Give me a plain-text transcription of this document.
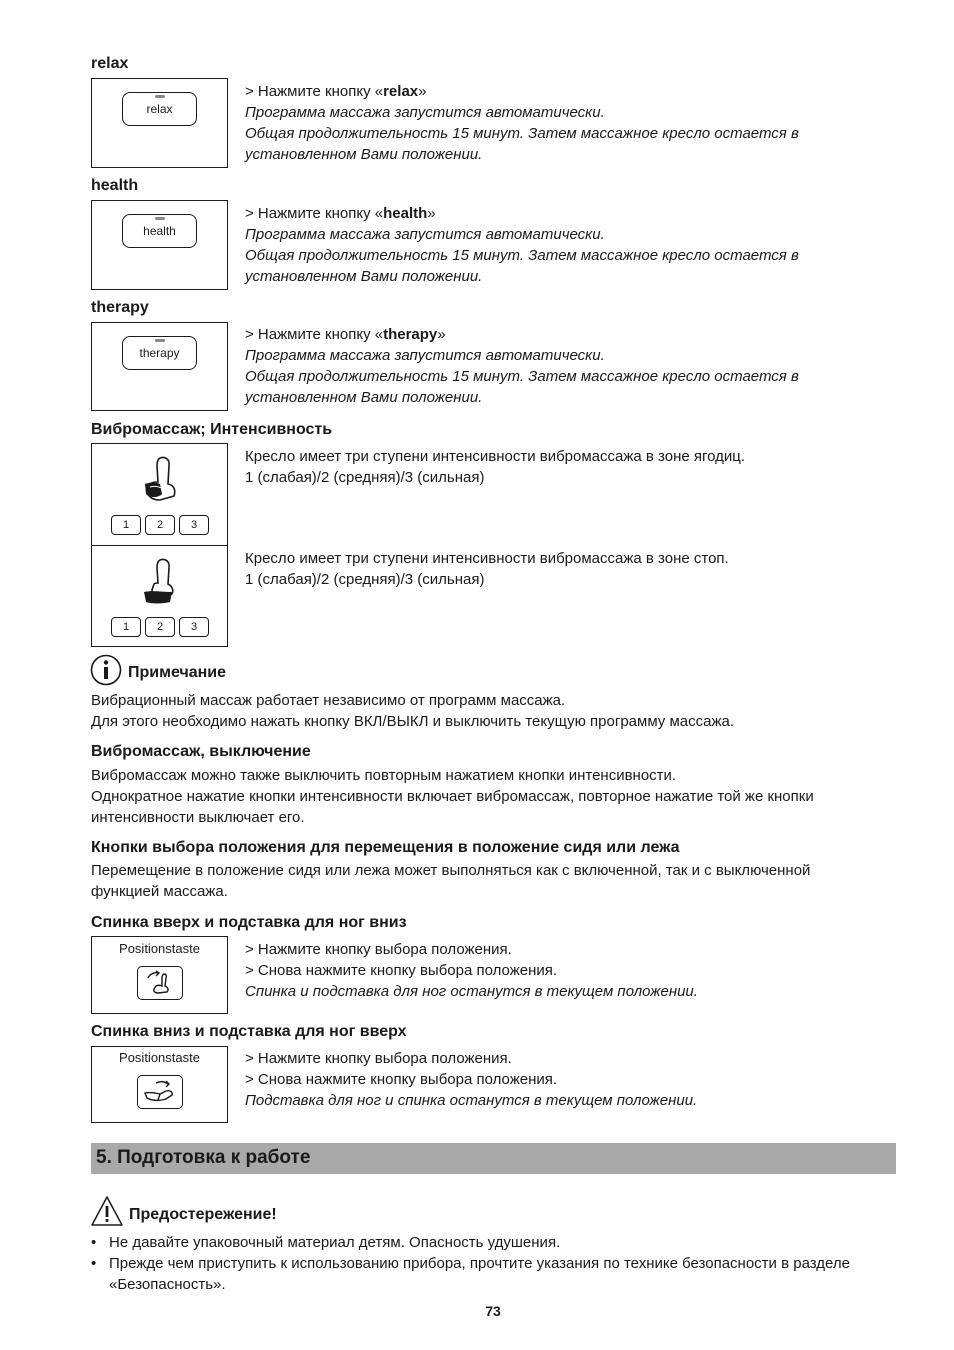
relax
relax
> Нажмите кнопку «relax»
Программа массажа запустится автоматически.
Общая продолжительность 15 минут. Затем массажное кресло остается в
установленном Вами положении.
health
health
> Нажмите кнопку «health»
Программа массажа запустится автоматически.
Общая продолжительность 15 минут. Затем массажное кресло остается в
установленном Вами положении.
therapy
therapy
> Нажмите кнопку «therapy»
Программа массажа запустится автоматически.
Общая продолжительность 15 минут. Затем массажное кресло остается в
установленном Вами положении.
Вибромассаж; Интенсивность
1	2	3
Кресло имеет три ступени интенсивности вибромассажа в зоне ягодиц.
1 (слабая)/2 (средняя)/3 (сильная)
1	2	3
Кресло имеет три ступени интенсивности вибромассажа в зоне стоп.
1 (слабая)/2 (средняя)/3 (сильная)
Примечание
Вибрационный массаж работает независимо от программ массажа.
Для этого необходимо нажать кнопку ВКЛ/ВЫКЛ и выключить текущую программу массажа.
Вибромассаж, выключение
Вибромассаж можно также выключить повторным нажатием кнопки интенсивности.
Однократное нажатие кнопки интенсивности включает вибромассаж, повторное нажатие той же кнопки
интенсивности выключает его.
Кнопки выбора положения для перемещения в положение сидя или лежа
Перемещение в положение сидя или лежа может выполняться как с включенной, так и с выключенной
функцией массажа.
Спинка вверх и подставка для ног вниз
Positionstaste	> Нажмите кнопку выбора положения.
> Снова нажмите кнопку выбора положения.
Спинка и подставка для ног останутся в текущем положении.
Спинка вниз и подставка для ног вверх
Positionstaste	> Нажмите кнопку выбора положения.
> Снова нажмите кнопку выбора положения.
Подставка для ног и спинка останутся в текущем положении.
5. Подготовка к работе
Предостережение!
• Не давайте упаковочный материал детям. Опасность удушения.
• Прежде чем приступить к использованию прибора, прочтите указания по технике безопасности в разделе «Безопасность».
73
